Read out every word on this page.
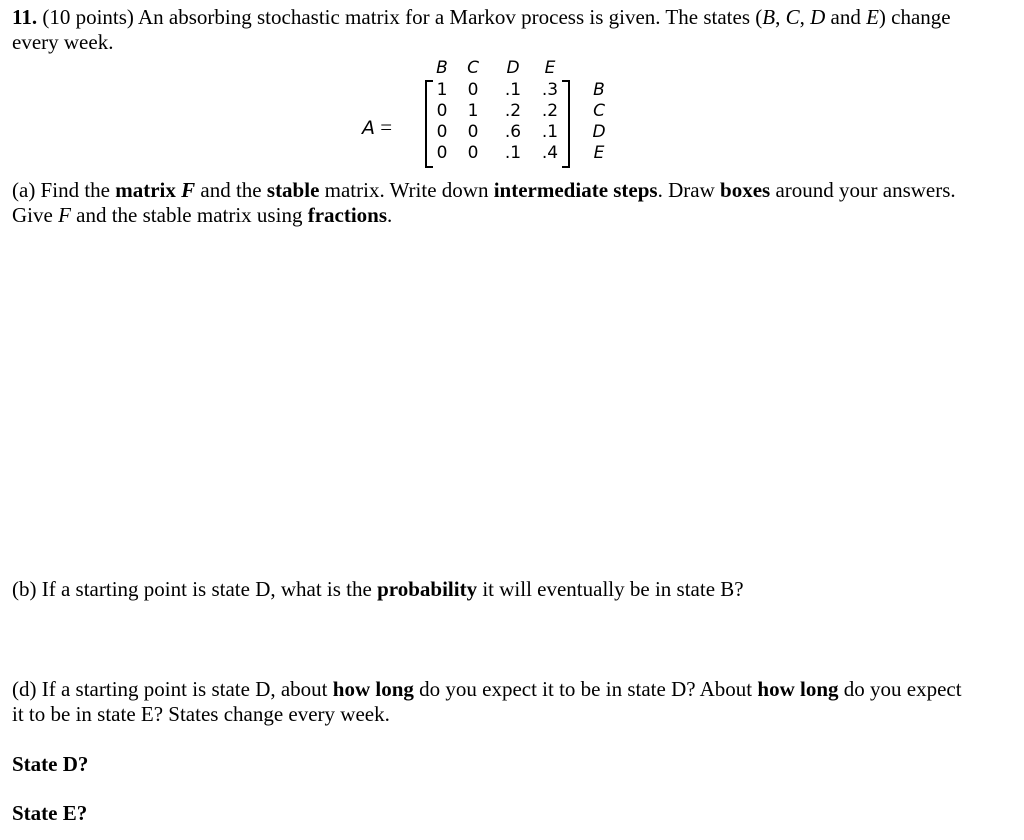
11. (10 points) An absorbing stochastic matrix for a Markov process is given. The states (B, C, D and E) change every week.
A =
B	C	D	E
1	0	.1	.3
0	1	.2	.2
0	0	.6	.1
0	0	.1	.4
B
C
D
E
(a) Find the matrix F and the stable matrix. Write down intermediate steps. Draw boxes around your answers. Give F and the stable matrix using fractions.
(b) If a starting point is state D, what is the probability it will eventually be in state B?
(d) If a starting point is state D, about how long do you expect it to be in state D? About how long do you expect it to be in state E? States change every week.
State D?
State E?
